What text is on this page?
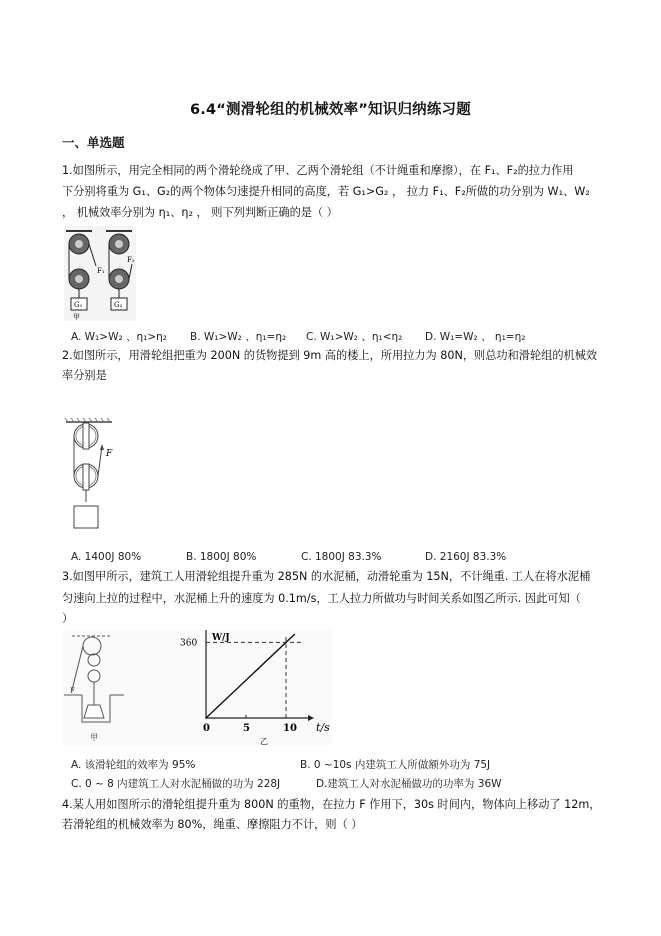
6.4“测滑轮组的机械效率”知识归纳练习题
一、单选题
1.如图所示，用完全相同的两个滑轮绕成了甲、乙两个滑轮组（不计绳重和摩擦），在 F₁、F₂的拉力作用
下分别将重为 G₁、G₂的两个物体匀速提升相同的高度，若 G₁>G₂ ， 拉力 F₁、F₂所做的功分别为 W₁、W₂
， 机械效率分别为 η₁、η₂ ， 则下列判断正确的是（ ）
G₁
F₁
甲
G₂
F₂
A. W₁>W₂ 、η₁>η₂ B. W₁>W₂ 、η₁=η₂ C. W₁>W₂ 、η₁<η₂ D. W₁=W₂ 、 η₁=η₂
2.如图所示，用滑轮组把重为 200N 的货物提到 9m 高的楼上，所用拉力为 80N，则总功和滑轮组的机械效
率分别是
F
A. 1400J 80%	B. 1800J 80%	C. 1800J 83.3%	D. 2160J 83.3%
3.如图甲所示，建筑工人用滑轮组提升重为 285N 的水泥桶，动滑轮重为 15N，不计绳重. 工人在将水泥桶
匀速向上拉的过程中，水泥桶上升的速度为 0.1m/s，工人拉力所做功与时间关系如图乙所示. 因此可知（
）
F
甲
0	5	10
360
W/J
t/s
乙
A. 该滑轮组的效率为 95%	B. 0 ~10s 内建筑工人所做额外功为 75J
C. 0 ~ 8 内建筑工人对水泥桶做的功为 228J	D.建筑工人对水泥桶做功的功率为 36W
4.某人用如图所示的滑轮组提升重为 800N 的重物，在拉力 F 作用下，30s 时间内，物体向上移动了 12m，
若滑轮组的机械效率为 80%，绳重、摩擦阻力不计，则（ ）
